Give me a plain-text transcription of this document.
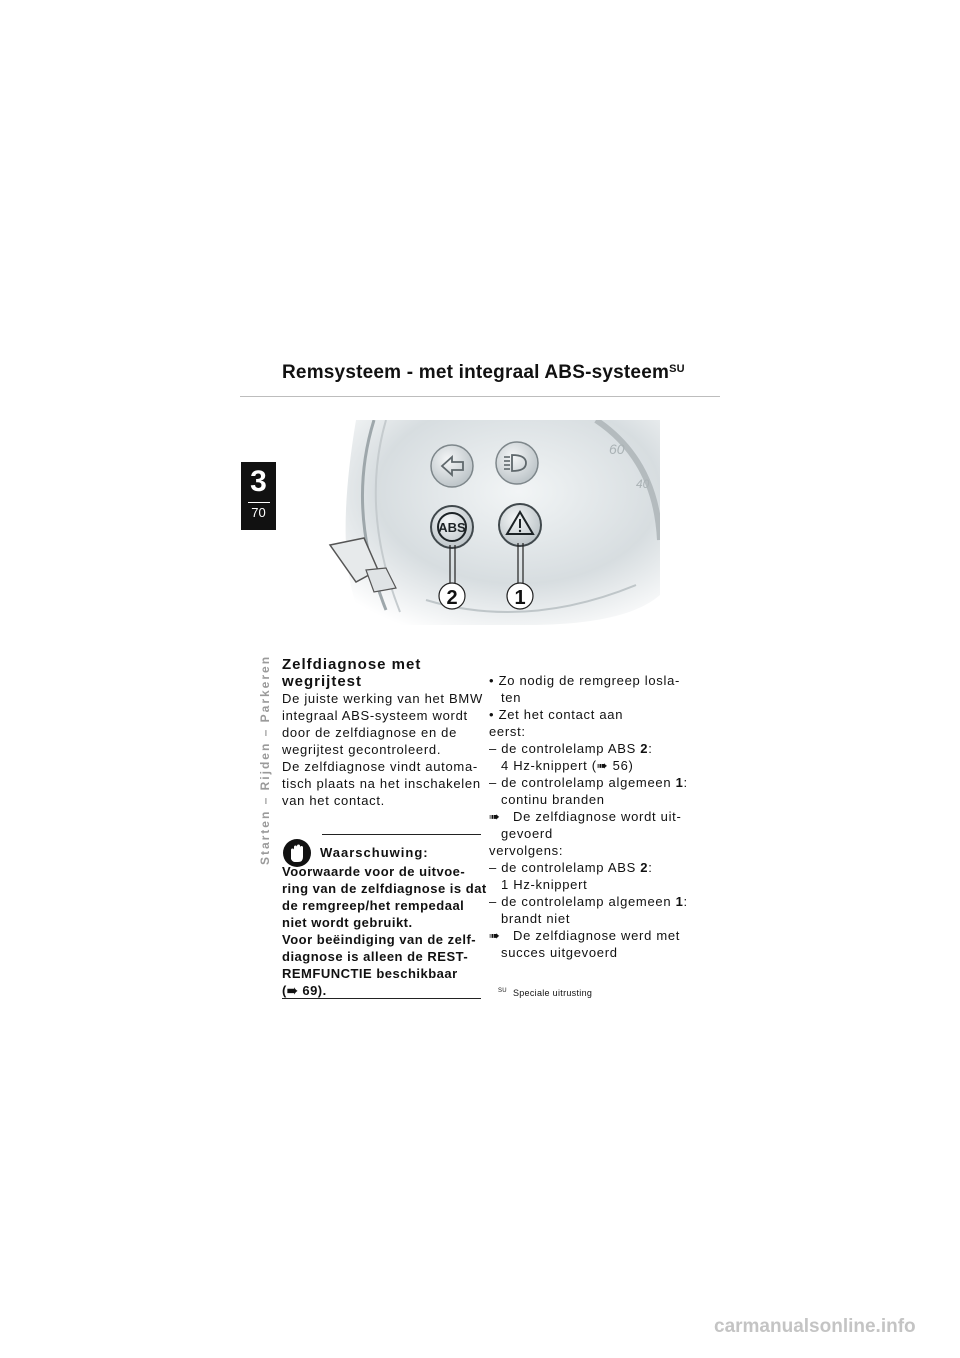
Remsysteem - met integraal ABS-systeem$^{SU}$
3
70
Starten – Rijden – Parkeren
60
40
ABS
2	1
Zelfdiagnose met
wegrijtest
De juiste werking van het BMW
integraal ABS-systeem wordt
door de zelfdiagnose en de
wegrijtest gecontroleerd.
De zelfdiagnose vindt automa-
tisch plaats na het inschakelen
van het contact.
Waarschuwing:
Voorwaarde voor de uitvoe-
ring van de zelfdiagnose is dat
de remgreep/het rempedaal
niet wordt gebruikt.
Voor beëindiging van de zelf-
diagnose is alleen de REST-
REMFUNCTIE beschikbaar
(➠ 69).
• Zo nodig de remgreep losla-
ten
• Zet het contact aan
eerst:
– de controlelamp ABS 2:
4 Hz-knippert (➠ 56)
– de controlelamp algemeen 1:
continu branden
➠ De zelfdiagnose wordt uit-
gevoerd
vervolgens:
– de controlelamp ABS 2:
1 Hz-knippert
– de controlelamp algemeen 1:
brandt niet
➠ De zelfdiagnose werd met
succes uitgevoerd
$^{SU}$ Speciale uitrusting
carmanualsonline.info
